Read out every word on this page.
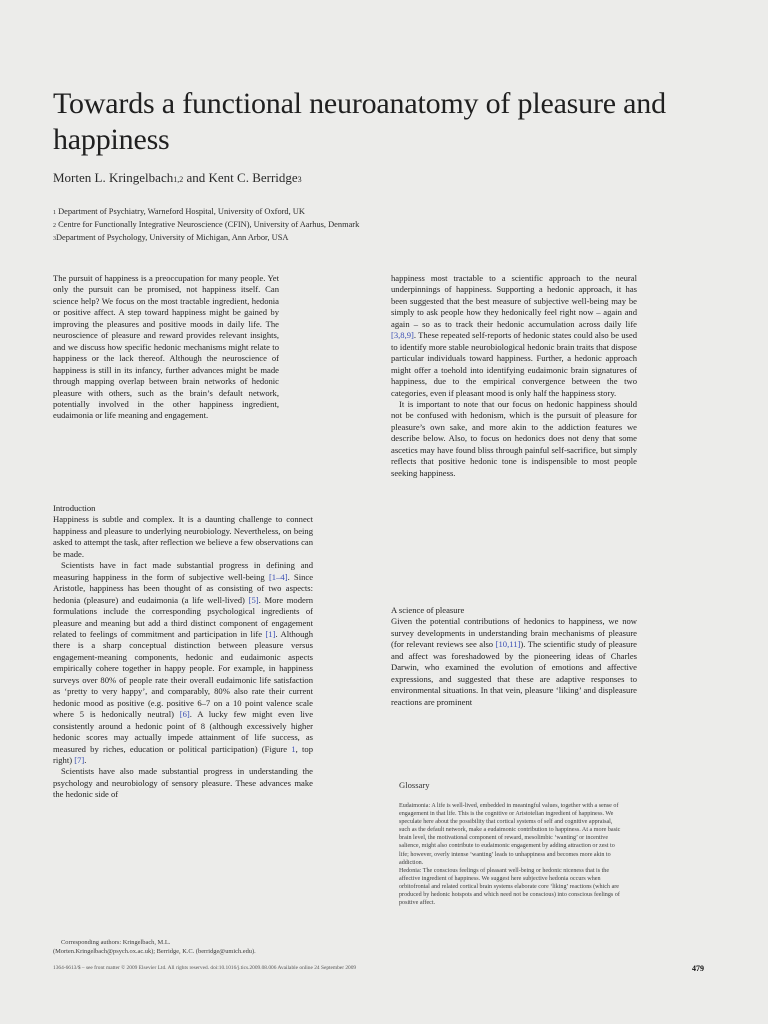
Towards a functional neuroanatomy of pleasure and happiness
Morten L. Kringelbach1,2 and Kent C. Berridge3
1 Department of Psychiatry, Warneford Hospital, University of Oxford, UK
2 Centre for Functionally Integrative Neuroscience (CFIN), University of Aarhus, Denmark
3Department of Psychology, University of Michigan, Ann Arbor, USA

The pursuit of happiness is a preoccupation for many people. Yet only the pursuit can be promised, not happiness itself. Can science help? We focus on the most tractable ingredient, hedonia or positive affect. A step toward happiness might be gained by improving the pleasures and positive moods in daily life. The neuroscience of pleasure and reward provides relevant insights, and we discuss how specific hedonic mechanisms might relate to happiness or the lack thereof. Although the neuroscience of happiness is still in its infancy, further advances might be made through mapping overlap between brain networks of hedonic pleasure with others, such as the brain’s default network, potentially involved in the other happiness ingredient, eudaimonia or life meaning and engagement.

Introduction

Happiness is subtle and complex. It is a daunting challenge to connect happiness and pleasure to underlying neurobiology. Nevertheless, on being asked to attempt the task, after reflection we believe a few observations can be made.

Scientists have in fact made substantial progress in defining and measuring happiness in the form of subjective well-being [1–4]. Since Aristotle, happiness has been thought of as consisting of two aspects: hedonia (pleasure) and eudaimonia (a life well-lived) [5]. More modern formulations include the corresponding psychological ingredients of pleasure and meaning but add a third distinct component of engagement related to feelings of commitment and participation in life [1]. Although there is a sharp conceptual distinction between pleasure versus engagement-meaning components, hedonic and eudaimonic aspects empirically cohere together in happy people. For example, in happiness surveys over 80% of people rate their overall eudaimonic life satisfaction as ‘pretty to very happy’, and comparably, 80% also rate their current hedonic mood as positive (e.g. positive 6–7 on a 10 point valence scale where 5 is hedonically neutral) [6]. A lucky few might even live consistently around a hedonic point of 8 (although excessively higher hedonic scores may actually impede attainment of life success, as measured by riches, education or political participation) (Figure 1, top right) [7].

Scientists have also made substantial progress in understanding the psychology and neurobiology of sensory pleasure. These advances make the hedonic side of

happiness most tractable to a scientific approach to the neural underpinnings of happiness. Supporting a hedonic approach, it has been suggested that the best measure of subjective well-being may be simply to ask people how they hedonically feel right now – again and again – so as to track their hedonic accumulation across daily life [3,8,9]. These repeated self-reports of hedonic states could also be used to identify more stable neurobiological hedonic brain traits that dispose particular individuals toward happiness. Further, a hedonic approach might offer a toehold into identifying eudaimonic brain signatures of happiness, due to the empirical convergence between the two categories, even if pleasant mood is only half the happiness story.

It is important to note that our focus on hedonic happiness should not be confused with hedonism, which is the pursuit of pleasure for pleasure’s own sake, and more akin to the addiction features we describe below. Also, to focus on hedonics does not deny that some ascetics may have found bliss through painful self-sacrifice, but simply reflects that positive hedonic tone is indispensible to most people seeking happiness.

A science of pleasure

Given the potential contributions of hedonics to happiness, we now survey developments in understanding brain mechanisms of pleasure (for relevant reviews see also [10,11]). The scientific study of pleasure and affect was foreshadowed by the pioneering ideas of Charles Darwin, who examined the evolution of emotions and affective expressions, and suggested that these are adaptive responses to environmental situations. In that vein, pleasure ‘liking’ and displeasure reactions are prominent

Glossary

Eudaimonia: A life is well-lived, embedded in meaningful values, together with a sense of engagement in that life. This is the cognitive or Aristotelian ingredient of happiness. We speculate here about the possibility that cortical systems of self and cognitive appraisal, such as the default network, make a eudaimonic contribution to happiness. At a more basic brain level, the motivational component of reward, mesolimbic ‘wanting’ or incentive salience, might also contribute to eudaimonic engagement by adding attraction or zest to life; however, overly intense ‘wanting’ leads to unhappiness and becomes more akin to addiction.

Hedonia: The conscious feelings of pleasant well-being or hedonic niceness that is the affective ingredient of happiness. We suggest here subjective hedonia occurs when orbitofrontal and related cortical brain systems elaborate core ‘liking’ reactions (which are produced by hedonic hotspots and which need not be conscious) into conscious feelings of positive affect.

Corresponding authors: Kringelbach, M.L.

(Morten.Kringelbach@psych.ox.ac.uk); Berridge, K.C. (berridge@umich.edu).

1364-6613/$ – see front matter © 2009 Elsevier Ltd. All rights reserved. doi:10.1016/j.tics.2009.08.006 Available online 24 September 2009	479
